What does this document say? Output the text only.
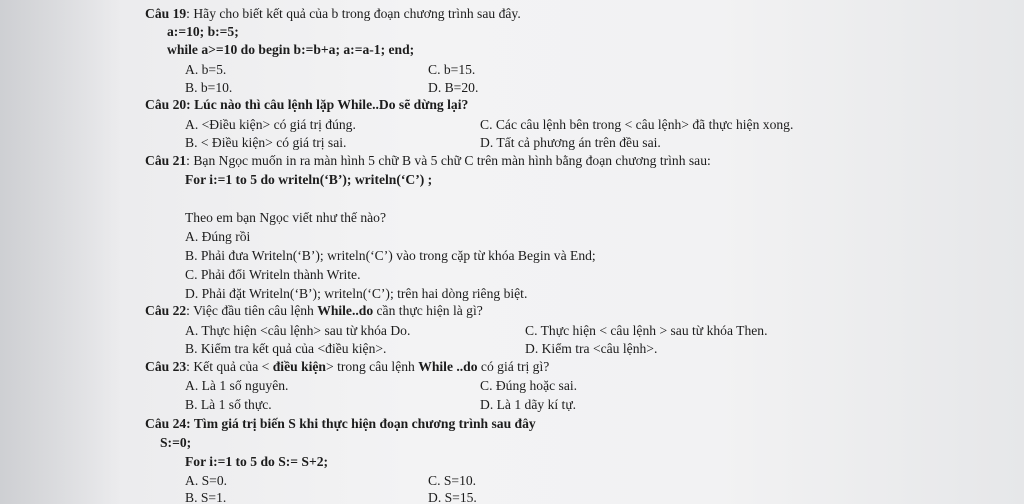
Câu 19: Hãy cho biết kết quả của b trong đoạn chương trình sau đây.
a:=10; b:=5;
while a>=10 do begin b:=b+a; a:=a-1; end;
A. b=5.	C. b=15.
B. b=10.	D. B=20.
Câu 20: Lúc nào thì câu lệnh lặp While..Do sẽ dừng lại?
A. <Điều kiện> có giá trị đúng.	C. Các câu lệnh bên trong < câu lệnh> đã thực hiện xong.
B. < Điều kiện> có giá trị sai.	D. Tất cả phương án trên đều sai.
Câu 21: Bạn Ngọc muốn in ra màn hình 5 chữ B và 5 chữ C trên màn hình bằng đoạn chương trình sau:
For i:=1 to 5 do writeln(‘B’); writeln(‘C’) ;
Theo em bạn Ngọc viết như thế nào?
A. Đúng rồi
B. Phải đưa Writeln(‘B’); writeln(‘C’) vào trong cặp từ khóa Begin và End;
C. Phải đổi Writeln thành Write.
D. Phải đặt Writeln(‘B’); writeln(‘C’); trên hai dòng riêng biệt.
Câu 22: Việc đầu tiên câu lệnh While..do cần thực hiện là gì?
A. Thực hiện <câu lệnh> sau từ khóa Do.	C. Thực hiện < câu lệnh > sau từ khóa Then.
B. Kiểm tra kết quả của <điều kiện>.	D. Kiểm tra <câu lệnh>.
Câu 23: Kết quả của < điều kiện> trong câu lệnh While ..do có giá trị gì?
A. Là 1 số nguyên.	C. Đúng hoặc sai.
B. Là 1 số thực.	D. Là 1 dãy kí tự.
Câu 24: Tìm giá trị biến S khi thực hiện đoạn chương trình sau đây
S:=0;
For i:=1 to 5 do S:= S+2;
A. S=0.	C. S=10.
B. S=1.	D. S=15.
